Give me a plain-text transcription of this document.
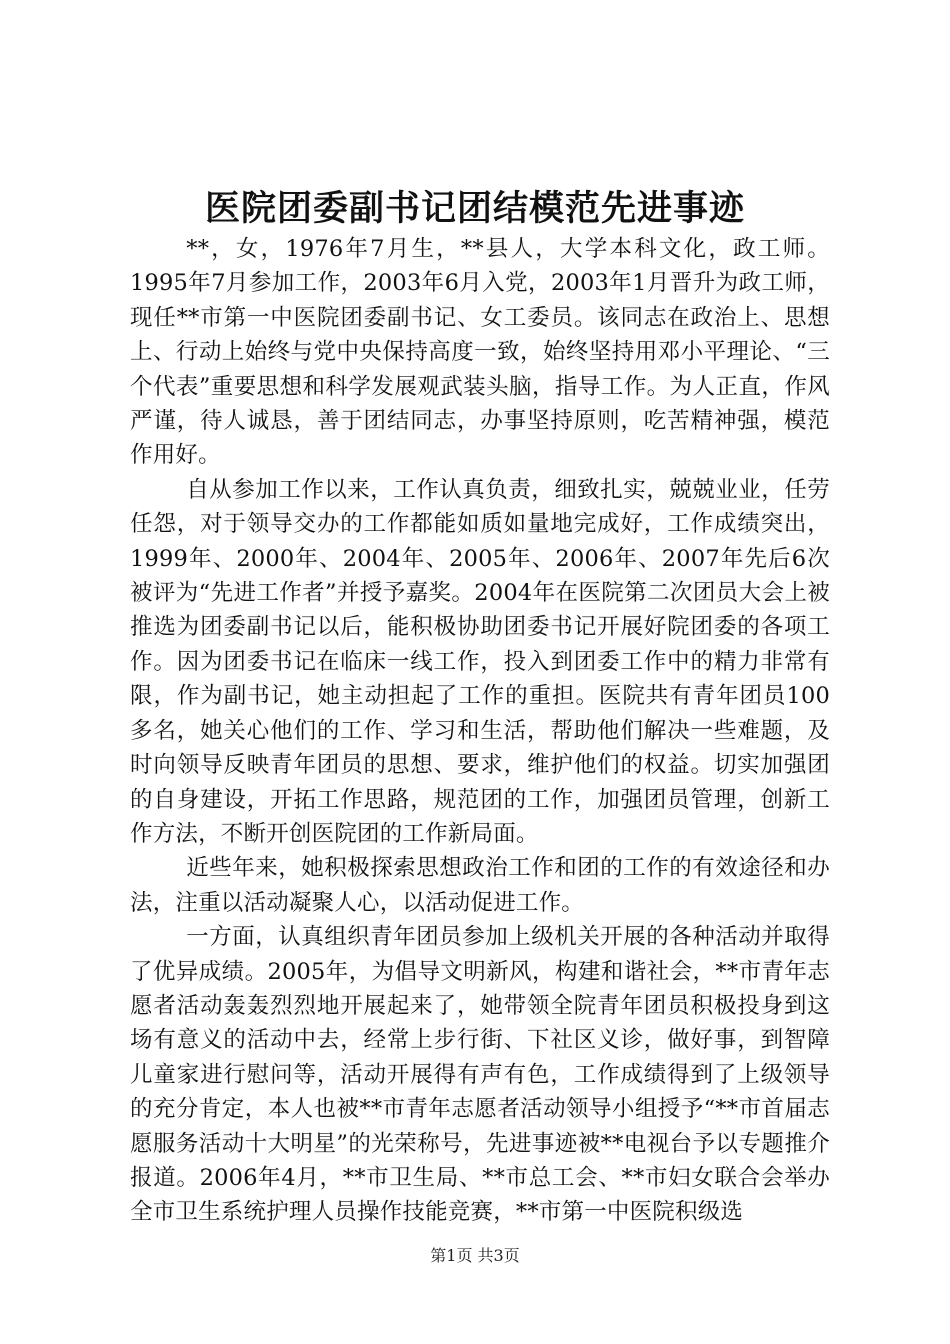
医院团委副书记团结模范先进事迹

**，女，1976年7月生，**县人，大学本科文化，政工师。1995年7月参加工作，2003年6月入党，2003年1月晋升为政工师，现任**市第一中医院团委副书记、女工委员。该同志在政治上、思想上、行动上始终与党中央保持高度一致，始终坚持用邓小平理论、“三个代表”重要思想和科学发展观武装头脑，指导工作。为人正直，作风严谨，待人诚恳，善于团结同志，办事坚持原则，吃苦精神强，模范作用好。

自从参加工作以来，工作认真负责，细致扎实，兢兢业业，任劳任怨，对于领导交办的工作都能如质如量地完成好，工作成绩突出，1999年、2000年、2004年、2005年、2006年、2007年先后6次被评为“先进工作者”并授予嘉奖。2004年在医院第二次团员大会上被推选为团委副书记以后，能积极协助团委书记开展好院团委的各项工作。因为团委书记在临床一线工作，投入到团委工作中的精力非常有限，作为副书记，她主动担起了工作的重担。医院共有青年团员100多名，她关心他们的工作、学习和生活，帮助他们解决一些难题，及时向领导反映青年团员的思想、要求，维护他们的权益。切实加强团的自身建设，开拓工作思路，规范团的工作，加强团员管理，创新工作方法，不断开创医院团的工作新局面。

近些年来，她积极探索思想政治工作和团的工作的有效途径和办法，注重以活动凝聚人心，以活动促进工作。

一方面，认真组织青年团员参加上级机关开展的各种活动并取得了优异成绩。2005年，为倡导文明新风，构建和谐社会，**市青年志愿者活动轰轰烈烈地开展起来了，她带领全院青年团员积极投身到这场有意义的活动中去，经常上步行街、下社区义诊，做好事，到智障儿童家进行慰问等，活动开展得有声有色，工作成绩得到了上级领导的充分肯定，本人也被**市青年志愿者活动领导小组授予“**市首届志愿服务活动十大明星”的光荣称号，先进事迹被**电视台予以专题推介报道。2006年4月，**市卫生局、**市总工会、**市妇女联合会举办全市卫生系统护理人员操作技能竞赛，**市第一中医院积级选

第1页 共3页
